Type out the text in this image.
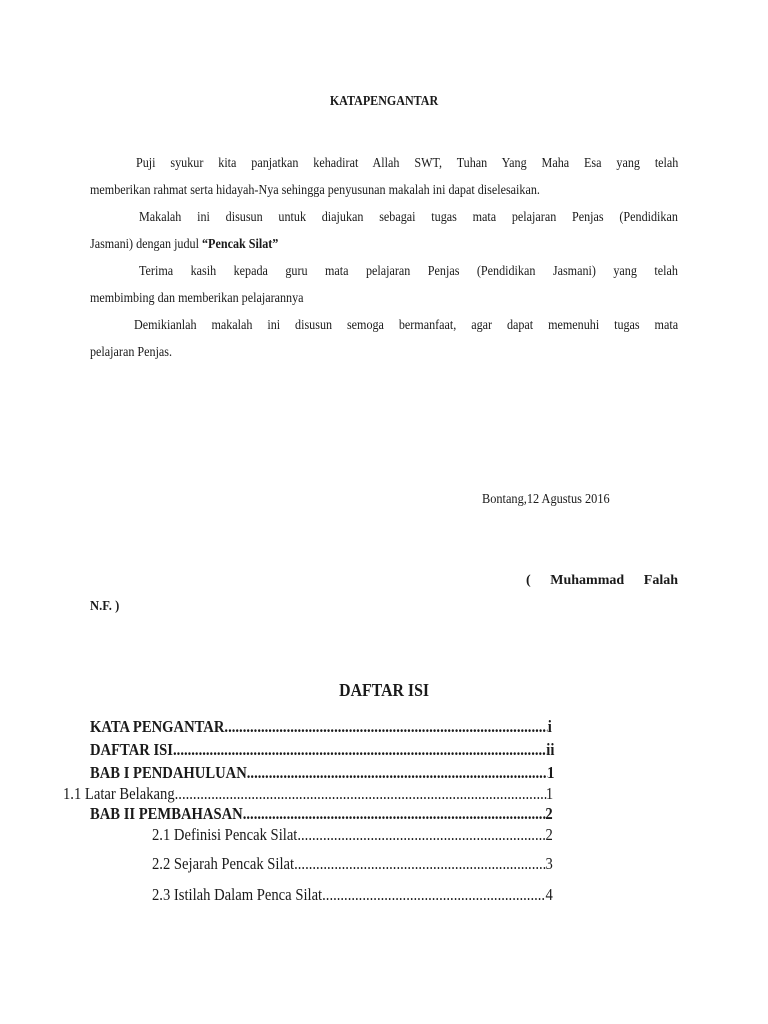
KATAPENGANTAR
Puji syukur kita panjatkan kehadirat Allah SWT, Tuhan Yang Maha Esa yang telah
memberikan rahmat serta hidayah-Nya sehingga penyusunan makalah ini dapat diselesaikan.
Makalah ini disusun untuk diajukan sebagai tugas mata pelajaran Penjas (Pendidikan
Jasmani) dengan judul “Pencak Silat”
Terima kasih kepada guru mata pelajaran Penjas (Pendidikan Jasmani) yang telah
membimbing dan memberikan pelajarannya
Demikianlah makalah ini disusun semoga bermanfaat, agar dapat memenuhi tugas mata
pelajaran Penjas.
Bontang,12 Agustus 2016
( Muhammad Falah
N.F. )
DAFTAR ISI
KATA PENGANTAR .....	i
DAFTAR ISI .....	ii
BAB I PENDAHULUAN .....	1
1.1 Latar Belakang .....	1
BAB II PEMBAHASAN .....	2
2.1 Definisi Pencak Silat .....	2
2.2 Sejarah Pencak Silat .....	3
2.3 Istilah Dalam Penca Silat .....	4
